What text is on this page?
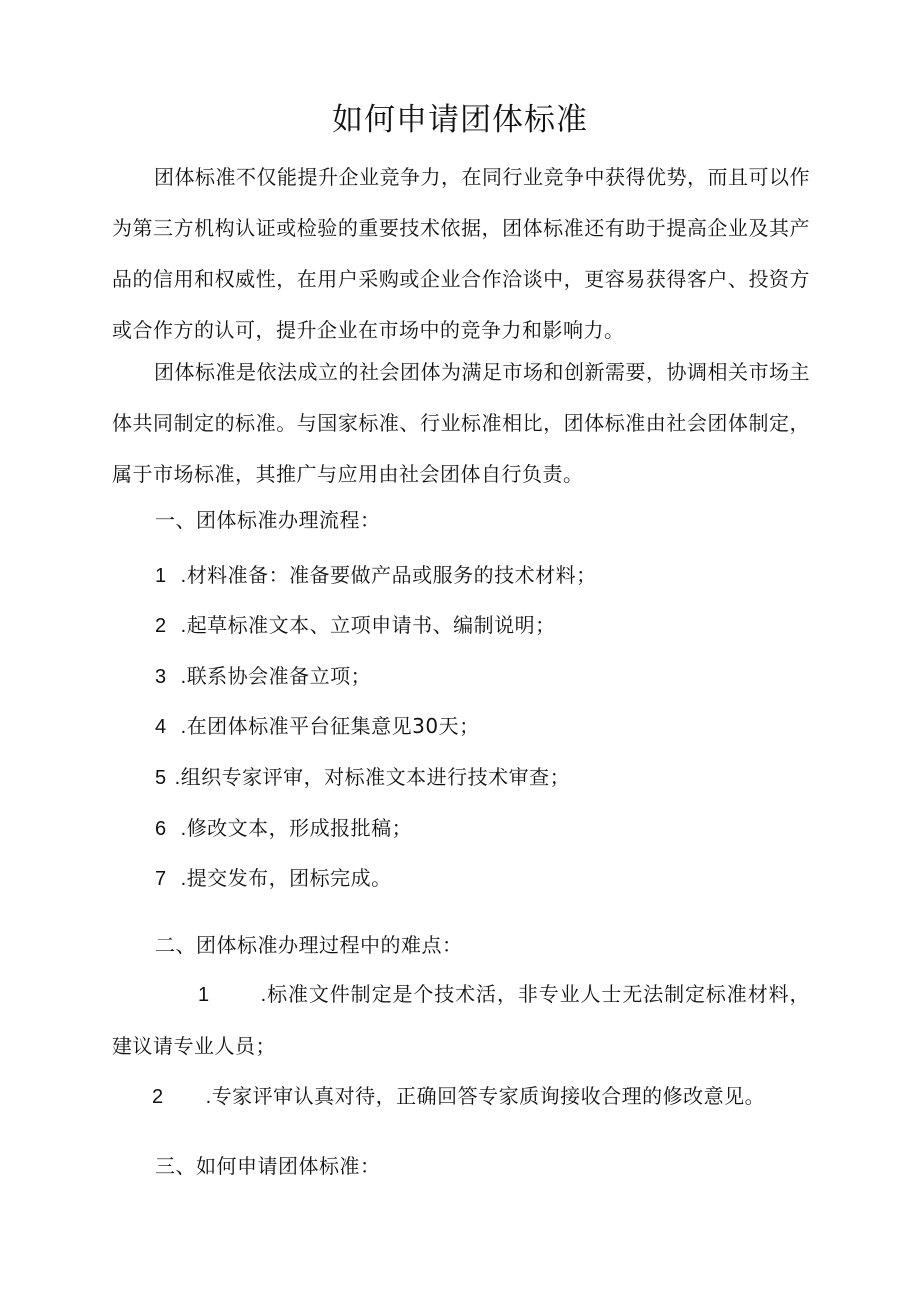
如何申请团体标准

团体标准不仅能提升企业竞争力，在同行业竞争中获得优势，而且可以作为第三方机构认证或检验的重要技术依据，团体标准还有助于提高企业及其产品的信用和权威性，在用户采购或企业合作洽谈中，更容易获得客户、投资方或合作方的认可，提升企业在市场中的竞争力和影响力。

团体标准是依法成立的社会团体为满足市场和创新需要，协调相关市场主体共同制定的标准。与国家标准、行业标准相比，团体标准由社会团体制定，属于市场标准，其推广与应用由社会团体自行负责。

一、团体标准办理流程：

1 .材料准备：准备要做产品或服务的技术材料；

2 .起草标准文本、立项申请书、编制说明；

3 .联系协会准备立项；

4 .在团体标准平台征集意见30天；

5 .组织专家评审，对标准文本进行技术审查；

6 .修改文本，形成报批稿；

7 .提交发布，团标完成。

二、团体标准办理过程中的难点：

1	.标准文件制定是个技术活，非专业人士无法制定标准材料，建议请专业人员；

2 .专家评审认真对待，正确回答专家质询接收合理的修改意见。

三、如何申请团体标准：
